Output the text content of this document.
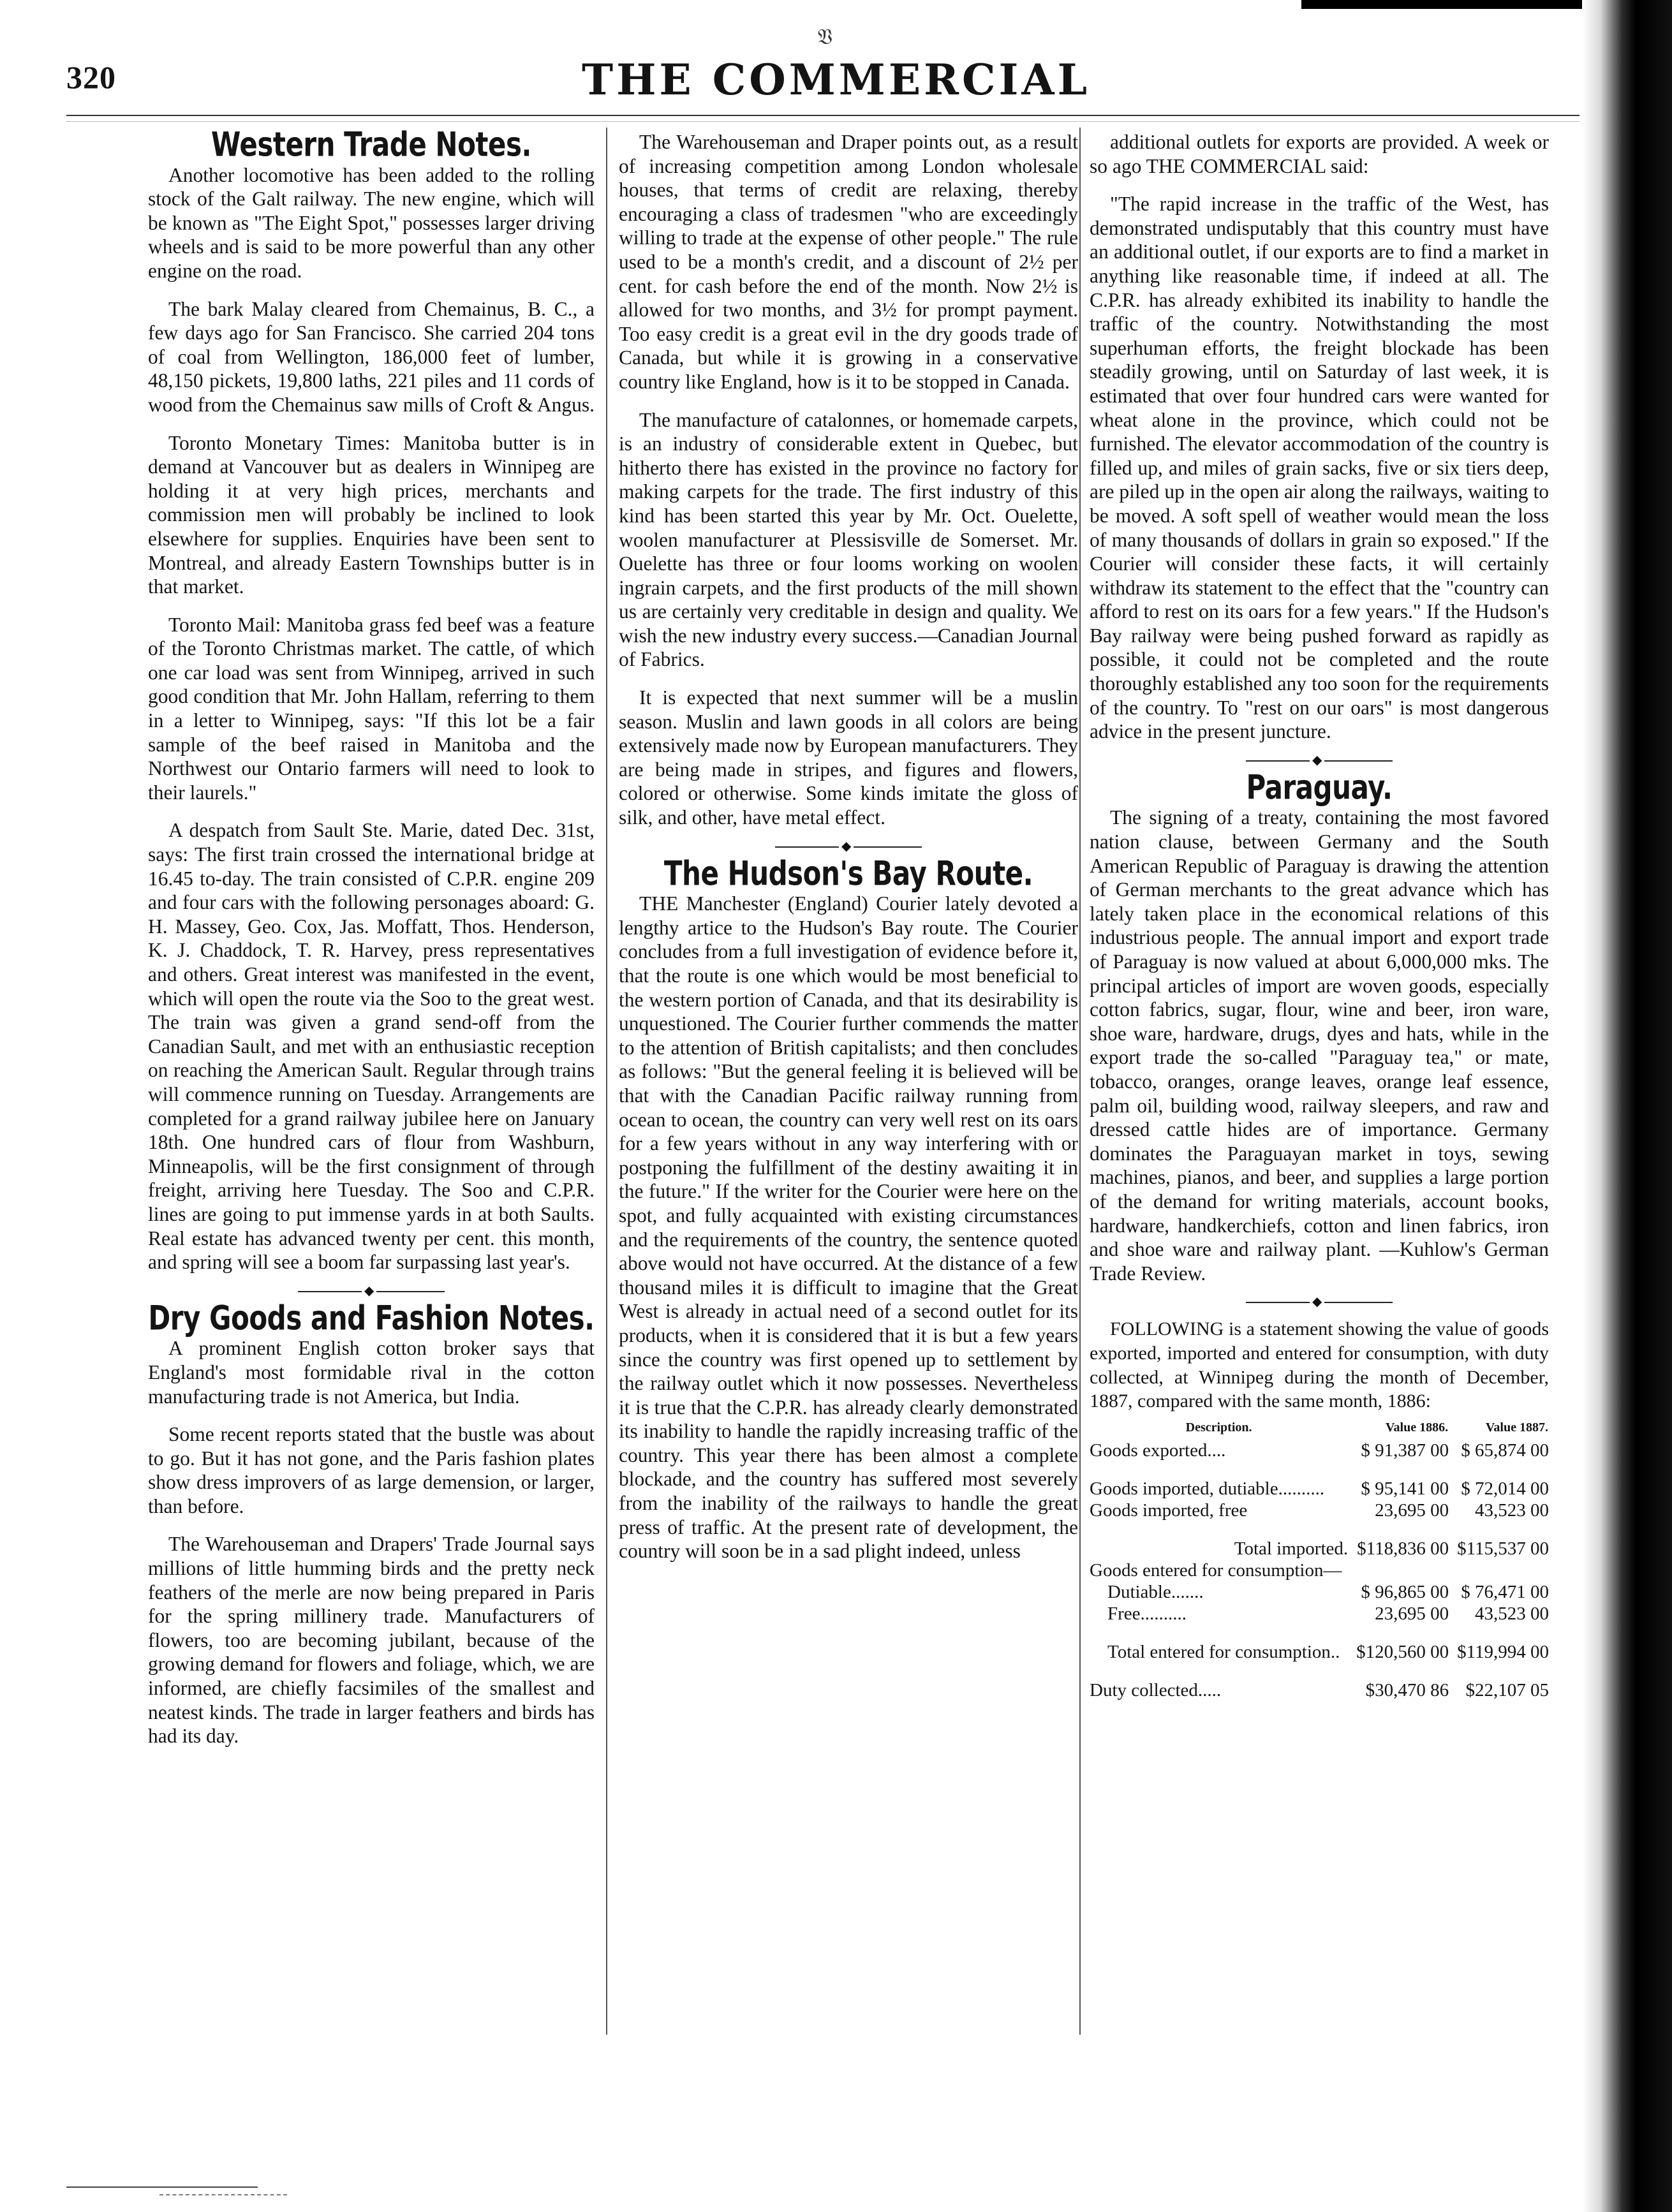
𝔙
320	THE COMMERCIAL
Western Trade Notes.

Another locomotive has been added to the rolling stock of the Galt railway. The new engine, which will be known as "The Eight Spot," possesses larger driving wheels and is said to be more powerful than any other engine on the road.

The bark Malay cleared from Chemainus, B. C., a few days ago for San Francisco. She carried 204 tons of coal from Wellington, 186,000 feet of lumber, 48,150 pickets, 19,800 laths, 221 piles and 11 cords of wood from the Chemainus saw mills of Croft & Angus.

Toronto Monetary Times: Manitoba butter is in demand at Vancouver but as dealers in Winnipeg are holding it at very high prices, merchants and commission men will probably be inclined to look elsewhere for supplies. Enquiries have been sent to Montreal, and already Eastern Townships butter is in that market.

Toronto Mail: Manitoba grass fed beef was a feature of the Toronto Christmas market. The cattle, of which one car load was sent from Winnipeg, arrived in such good condition that Mr. John Hallam, referring to them in a letter to Winnipeg, says: "If this lot be a fair sample of the beef raised in Manitoba and the Northwest our Ontario farmers will need to look to their laurels."

A despatch from Sault Ste. Marie, dated Dec. 31st, says: The first train crossed the international bridge at 16.45 to-day. The train consisted of C.P.R. engine 209 and four cars with the following personages aboard: G. H. Massey, Geo. Cox, Jas. Moffatt, Thos. Henderson, K. J. Chaddock, T. R. Harvey, press representatives and others. Great interest was manifested in the event, which will open the route via the Soo to the great west. The train was given a grand send-off from the Canadian Sault, and met with an enthusiastic reception on reaching the American Sault. Regular through trains will commence running on Tuesday. Arrangements are completed for a grand railway jubilee here on January 18th. One hundred cars of flour from Washburn, Minneapolis, will be the first consignment of through freight, arriving here Tuesday. The Soo and C.P.R. lines are going to put immense yards in at both Saults. Real estate has advanced twenty per cent. this month, and spring will see a boom far surpassing last year's.

◆
Dry Goods and Fashion Notes.

A prominent English cotton broker says that England's most formidable rival in the cotton manufacturing trade is not America, but India.

Some recent reports stated that the bustle was about to go. But it has not gone, and the Paris fashion plates show dress improvers of as large demension, or larger, than before.

The Warehouseman and Drapers' Trade Journal says millions of little humming birds and the pretty neck feathers of the merle are now being prepared in Paris for the spring millinery trade. Manufacturers of flowers, too are becoming jubilant, because of the growing demand for flowers and foliage, which, we are informed, are chiefly facsimiles of the smallest and neatest kinds. The trade in larger feathers and birds has had its day.

The Warehouseman and Draper points out, as a result of increasing competition among London wholesale houses, that terms of credit are relaxing, thereby encouraging a class of tradesmen "who are exceedingly willing to trade at the expense of other people." The rule used to be a month's credit, and a discount of 2½ per cent. for cash before the end of the month. Now 2½ is allowed for two months, and 3½ for prompt payment. Too easy credit is a great evil in the dry goods trade of Canada, but while it is growing in a conservative country like England, how is it to be stopped in Canada.

The manufacture of catalonnes, or homemade carpets, is an industry of considerable extent in Quebec, but hitherto there has existed in the province no factory for making carpets for the trade. The first industry of this kind has been started this year by Mr. Oct. Ouelette, woolen manufacturer at Plessisville de Somerset. Mr. Ouelette has three or four looms working on woolen ingrain carpets, and the first products of the mill shown us are certainly very creditable in design and quality. We wish the new industry every success.—Canadian Journal of Fabrics.

It is expected that next summer will be a muslin season. Muslin and lawn goods in all colors are being extensively made now by European manufacturers. They are being made in stripes, and figures and flowers, colored or otherwise. Some kinds imitate the gloss of silk, and other, have metal effect.

◆
The Hudson's Bay Route.

THE Manchester (England) Courier lately devoted a lengthy artice to the Hudson's Bay route. The Courier concludes from a full investigation of evidence before it, that the route is one which would be most beneficial to the western portion of Canada, and that its desirability is unquestioned. The Courier further commends the matter to the attention of British capitalists; and then concludes as follows: "But the general feeling it is believed will be that with the Canadian Pacific railway running from ocean to ocean, the country can very well rest on its oars for a few years without in any way interfering with or postponing the fulfillment of the destiny awaiting it in the future." If the writer for the Courier were here on the spot, and fully acquainted with existing circumstances and the requirements of the country, the sentence quoted above would not have occurred. At the distance of a few thousand miles it is difficult to imagine that the Great West is already in actual need of a second outlet for its products, when it is considered that it is but a few years since the country was first opened up to settlement by the railway outlet which it now possesses. Nevertheless it is true that the C.P.R. has already clearly demonstrated its inability to handle the rapidly increasing traffic of the country. This year there has been almost a complete blockade, and the country has suffered most severely from the inability of the railways to handle the great press of traffic. At the present rate of development, the country will soon be in a sad plight indeed, unless

additional outlets for exports are provided. A week or so ago THE COMMERCIAL said:

"The rapid increase in the traffic of the West, has demonstrated undisputably that this country must have an additional outlet, if our exports are to find a market in anything like reasonable time, if indeed at all. The C.P.R. has already exhibited its inability to handle the traffic of the country. Notwithstanding the most superhuman efforts, the freight blockade has been steadily growing, until on Saturday of last week, it is estimated that over four hundred cars were wanted for wheat alone in the province, which could not be furnished. The elevator accommodation of the country is filled up, and miles of grain sacks, five or six tiers deep, are piled up in the open air along the railways, waiting to be moved. A soft spell of weather would mean the loss of many thousands of dollars in grain so exposed." If the Courier will consider these facts, it will certainly withdraw its statement to the effect that the "country can afford to rest on its oars for a few years." If the Hudson's Bay railway were being pushed forward as rapidly as possible, it could not be completed and the route thoroughly established any too soon for the requirements of the country. To "rest on our oars" is most dangerous advice in the present juncture.

◆
Paraguay.

The signing of a treaty, containing the most favored nation clause, between Germany and the South American Republic of Paraguay is drawing the attention of German merchants to the great advance which has lately taken place in the economical relations of this industrious people. The annual import and export trade of Paraguay is now valued at about 6,000,000 mks. The principal articles of import are woven goods, especially cotton fabrics, sugar, flour, wine and beer, iron ware, shoe ware, hardware, drugs, dyes and hats, while in the export trade the so-called "Paraguay tea," or mate, tobacco, oranges, orange leaves, orange leaf essence, palm oil, building wood, railway sleepers, and raw and dressed cattle hides are of importance. Germany dominates the Paraguayan market in toys, sewing machines, pianos, and beer, and supplies a large portion of the demand for writing materials, account books, hardware, handkerchiefs, cotton and linen fabrics, iron and shoe ware and railway plant. —Kuhlow's German Trade Review.

◆

FOLLOWING is a statement showing the value of goods exported, imported and entered for consumption, with duty collected, at Winnipeg during the month of December, 1887, compared with the same month, 1886:

Description.	Value 1886.	Value 1887.
Goods exported....	$ 91,387 00	$ 65,874 00
Goods imported, dutiable..........	$ 95,141 00	$ 72,014 00
Goods imported, free	23,695 00	43,523 00
Total imported.	$118,836 00	$115,537 00
Goods entered for consumption—		
Dutiable.......	$ 96,865 00	$ 76,471 00
Free..........	23,695 00	43,523 00
Total entered for consumption..	$120,560 00	$119,994 00
Duty collected.....	$30,470 86	$22,107 05
